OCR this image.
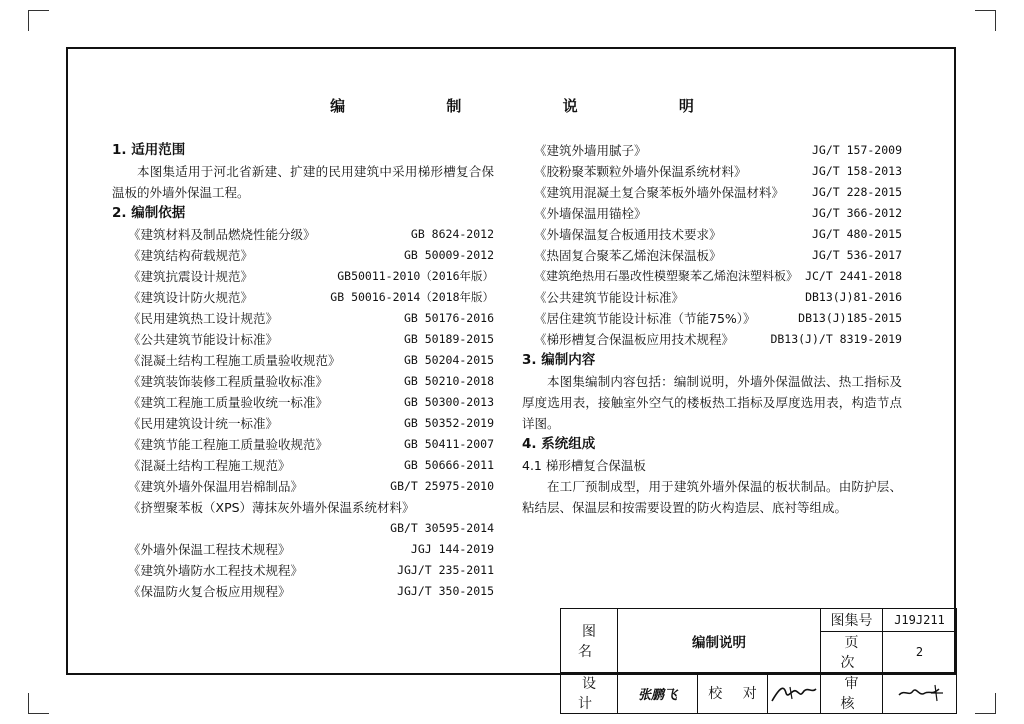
编 制 说 明
1. 适用范围
本图集适用于河北省新建、扩建的民用建筑中采用梯形槽复合保温板的外墙外保温工程。
2. 编制依据
《建筑材料及制品燃烧性能分级》	GB 8624-2012
《建筑结构荷载规范》	GB 50009-2012
《建筑抗震设计规范》	GB50011-2010（2016年版）
《建筑设计防火规范》	GB 50016-2014（2018年版）
《民用建筑热工设计规范》	GB 50176-2016
《公共建筑节能设计标准》	GB 50189-2015
《混凝土结构工程施工质量验收规范》	GB 50204-2015
《建筑装饰装修工程质量验收标准》	GB 50210-2018
《建筑工程施工质量验收统一标准》	GB 50300-2013
《民用建筑设计统一标准》	GB 50352-2019
《建筑节能工程施工质量验收规范》	GB 50411-2007
《混凝土结构工程施工规范》	GB 50666-2011
《建筑外墙外保温用岩棉制品》	GB/T 25975-2010
《挤塑聚苯板（XPS）薄抹灰外墙外保温系统材料》
GB/T 30595-2014
《外墙外保温工程技术规程》	JGJ 144-2019
《建筑外墙防水工程技术规程》	JGJ/T 235-2011
《保温防火复合板应用规程》	JGJ/T 350-2015
《建筑外墙用腻子》	JG/T 157-2009
《胶粉聚苯颗粒外墙外保温系统材料》	JG/T 158-2013
《建筑用混凝土复合聚苯板外墙外保温材料》 JG/T 228-2015
《外墙保温用锚栓》	JG/T 366-2012
《外墙保温复合板通用技术要求》	JG/T 480-2015
《热固复合聚苯乙烯泡沫保温板》	JG/T 536-2017
《建筑绝热用石墨改性模塑聚苯乙烯泡沫塑料板》 JC/T 2441-2018
《公共建筑节能设计标准》	DB13(J)81-2016
《居住建筑节能设计标准（节能75%）》	DB13(J)185-2015
《梯形槽复合保温板应用技术规程》	DB13(J)/T 8319-2019
3. 编制内容
本图集编制内容包括：编制说明，外墙外保温做法、热工指标及厚度选用表，接触室外空气的楼板热工指标及厚度选用表，构造节点详图。
4. 系统组成
4.1 梯形槽复合保温板
在工厂预制成型，用于建筑外墙外保温的板状制品。由防护层、粘结层、保温层和按需要设置的防火构造层、底衬等组成。
图 名	编制说明			图集号	J19J211
				页 次	2
设 计	张鹏飞	校 对		审 核	
